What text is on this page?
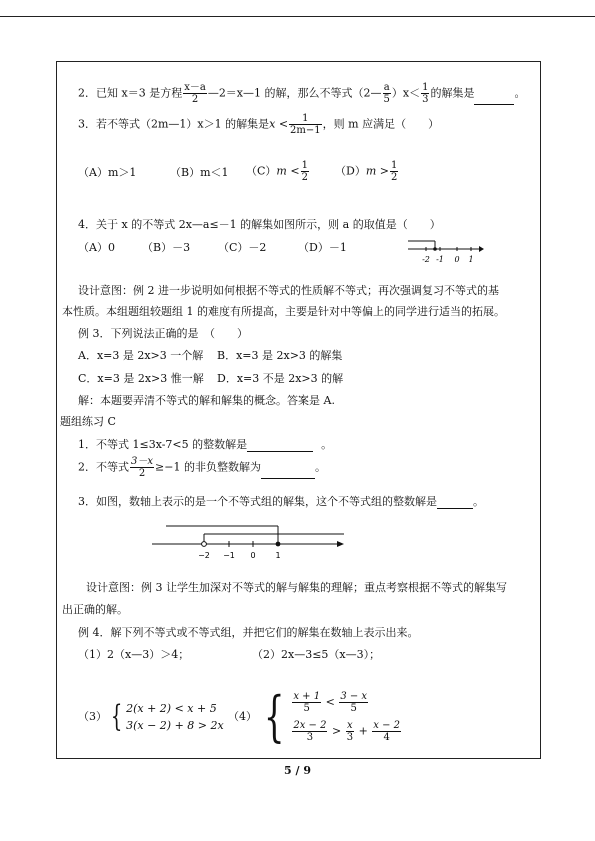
2．已知 x＝3 是方程 $\frac{x-a}{2}$ —2＝x—1 的解，那么不等式（2— $\frac{a}{5} )x< \frac{1}{3}$ 的解集是	。
3．若不等式（2m—1）x＞1 的解集是$x < \frac{1}{2m-1}$ ，则 m 应满足（　　）
（A）m＞1	（B）m＜1 $(C)m < \frac{1}{2} (D)m > \frac{1}{2}$
4．关于 x 的不等式 2x—a≤－1 的解集如图所示，则 a 的取值是（　　）
（A）0 （B）－3	（C）－2	（D）－1
-2 -1 0 1
设计意图：例 2 进一步说明如何根据不等式的性质解不等式；再次强调复习不等式的基
本性质。本组题组较题组 1 的难度有所提高，主要是针对中等偏上的同学进行适当的拓展。
例 3．下列说法正确的是　（　　）
A．x=3 是 2x>3 一个解 B．x=3 是 2x>3 的解集
C．x=3 是 2x>3 惟一解 D．x=3 不是 2x>3 的解
解：本题要弄清不等式的解和解集的概念。答案是 A.
题组练习 C
1．不等式 1≤3x-7<5 的整数解是	。
2．不等式 $\frac{3-x}{2} \ge-1$ 的非负整数解为	。
3．如图，数轴上表示的是一个不等式组的解集，这个不等式组的整数解是	。
−2 −1 0 1
设计意图：例 3 让学生加深对不等式的解与解集的理解；重点考察根据不等式的解集写
出正确的解。
例 4．解下列不等式或不等式组，并把它们的解集在数轴上表示出来。
（1）2（x—3）＞4；	（2）2x—3≤5（x—3）；
（3） { 2(x + 2) < x + 5
3(x − 2) + 8 > 2x
（4） { $\frac{x + 1}{5} < \frac{3 - x}{5}$
$\frac{2x - 2}{3} > \frac{x}{3} + \frac{x - 2}{4}$
5 / 9
